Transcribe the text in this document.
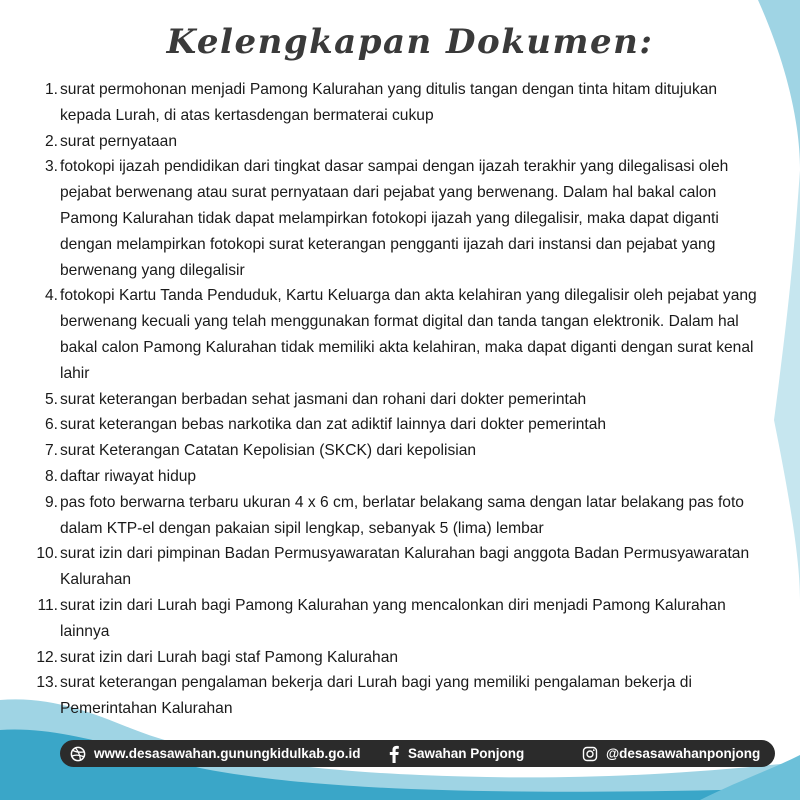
Kelengkapan Dokumen:
1. surat permohonan menjadi Pamong Kalurahan yang ditulis tangan dengan tinta hitam ditujukan kepada Lurah, di atas kertasdengan bermaterai cukup
2. surat pernyataan
3. fotokopi ijazah pendidikan dari tingkat dasar sampai dengan ijazah terakhir yang dilegalisasi oleh pejabat berwenang atau surat pernyataan dari pejabat yang berwenang. Dalam hal bakal calon Pamong Kalurahan tidak dapat melampirkan fotokopi ijazah yang dilegalisir, maka dapat diganti dengan melampirkan fotokopi surat keterangan pengganti ijazah dari instansi dan pejabat yang berwenang yang dilegalisir
4. fotokopi Kartu Tanda Penduduk, Kartu Keluarga dan akta kelahiran yang dilegalisir oleh pejabat yang berwenang kecuali yang telah menggunakan format digital dan tanda tangan elektronik. Dalam hal bakal calon Pamong Kalurahan tidak memiliki akta kelahiran, maka dapat diganti dengan surat kenal lahir
5. surat keterangan berbadan sehat jasmani dan rohani dari dokter pemerintah
6. surat keterangan bebas narkotika dan zat adiktif lainnya dari dokter pemerintah
7. surat Keterangan Catatan Kepolisian (SKCK) dari kepolisian
8. daftar riwayat hidup
9. pas foto berwarna terbaru ukuran 4 x 6 cm, berlatar belakang sama dengan latar belakang pas foto dalam KTP-el dengan pakaian sipil lengkap, sebanyak 5 (lima) lembar
10. surat izin dari pimpinan Badan Permusyawaratan Kalurahan bagi anggota Badan Permusyawaratan Kalurahan
11. surat izin dari Lurah bagi Pamong Kalurahan yang mencalonkan diri menjadi Pamong Kalurahan lainnya
12. surat izin dari Lurah bagi staf Pamong Kalurahan
13. surat keterangan pengalaman bekerja dari Lurah bagi yang memiliki pengalaman bekerja di Pemerintahan Kalurahan
www.desasawahan.gunungkidulkab.go.id	Sawahan Ponjong	@desasawahanponjong
